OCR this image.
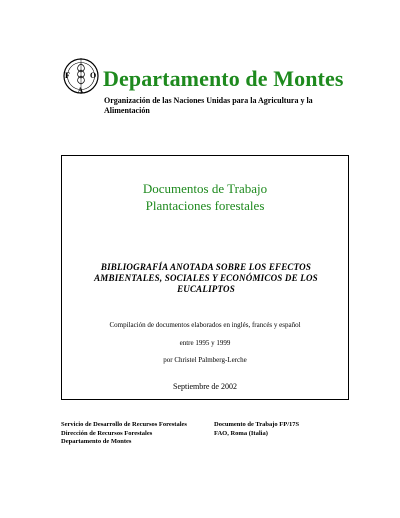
F	O
A Departamento de Montes
Organización de las Naciones Unidas para la Agricultura y la Alimentación
Documentos de Trabajo
Plantaciones forestales
BIBLIOGRAFÍA ANOTADA SOBRE LOS EFECTOS AMBIENTALES, SOCIALES Y ECONÓMICOS DE LOS EUCALIPTOS
Compilación de documentos elaborados en inglés, francés y español
entre 1995 y 1999
por Christel Palmberg-Lerche
Septiembre de 2002
Servicio de Desarrollo de Recursos Forestales
Dirección de Recursos Forestales
Departamento de Montes
Documento de Trabajo FP/17S
FAO, Roma (Italia)
